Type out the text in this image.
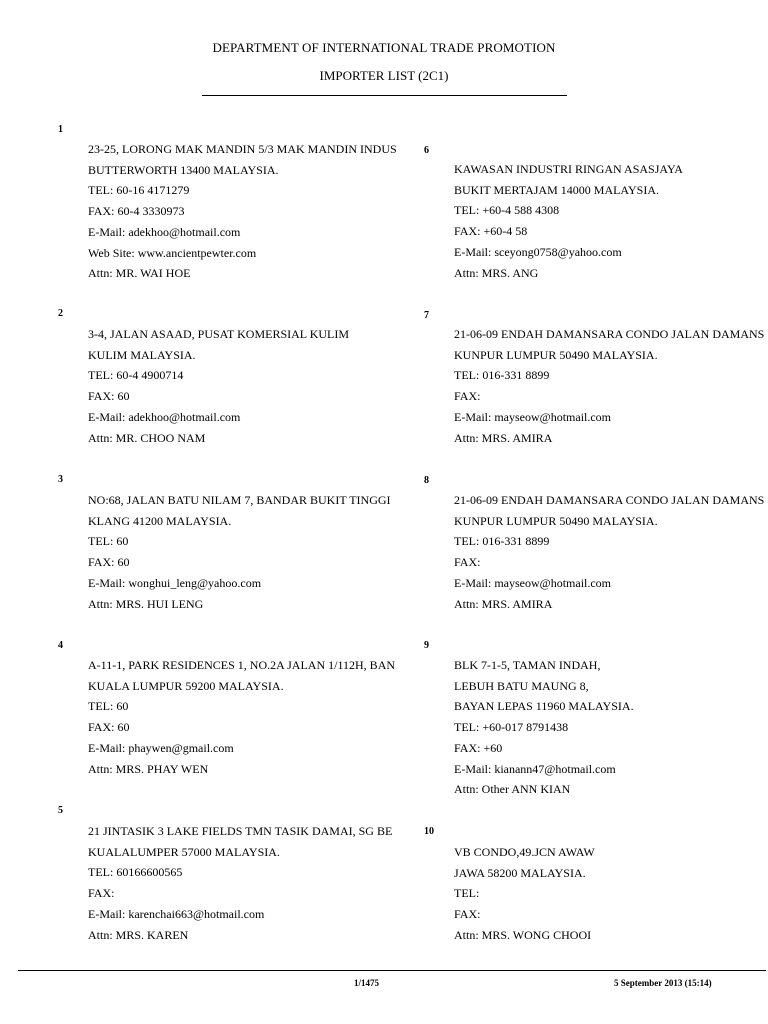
DEPARTMENT OF INTERNATIONAL TRADE PROMOTION
IMPORTER LIST (2C1)
1
23-25, LORONG MAK MANDIN 5/3 MAK MANDIN INDUS
BUTTERWORTH 13400 MALAYSIA.
TEL: 60-16 4171279
FAX: 60-4 3330973
E-Mail: adekhoo@hotmail.com
Web Site: www.ancientpewter.com
Attn: MR. WAI HOE
2
3-4, JALAN ASAAD, PUSAT KOMERSIAL KULIM
KULIM MALAYSIA.
TEL: 60-4 4900714
FAX: 60
E-Mail: adekhoo@hotmail.com
Attn: MR. CHOO NAM
3
NO:68, JALAN BATU NILAM 7, BANDAR BUKIT TINGGI
KLANG 41200 MALAYSIA.
TEL: 60
FAX: 60
E-Mail: wonghui_leng@yahoo.com
Attn: MRS. HUI LENG
4
A-11-1, PARK RESIDENCES 1, NO.2A JALAN 1/112H, BAN
KUALA LUMPUR 59200 MALAYSIA.
TEL: 60
FAX: 60
E-Mail: phaywen@gmail.com
Attn: MRS. PHAY WEN
5
21 JINTASIK 3 LAKE FIELDS TMN TASIK DAMAI, SG BE
KUALALUMPER 57000 MALAYSIA.
TEL: 60166600565
FAX:
E-Mail: karenchai663@hotmail.com
Attn: MRS. KAREN
6
KAWASAN INDUSTRI RINGAN ASASJAYA
BUKIT MERTAJAM 14000 MALAYSIA.
TEL: +60-4 588 4308
FAX: +60-4 58
E-Mail: sceyong0758@yahoo.com
Attn: MRS. ANG
7
21-06-09 ENDAH DAMANSARA CONDO JALAN DAMANS
KUNPUR LUMPUR 50490 MALAYSIA.
TEL: 016-331 8899
FAX:
E-Mail: mayseow@hotmail.com
Attn: MRS. AMIRA
8
21-06-09 ENDAH DAMANSARA CONDO JALAN DAMANS
KUNPUR LUMPUR 50490 MALAYSIA.
TEL: 016-331 8899
FAX:
E-Mail: mayseow@hotmail.com
Attn: MRS. AMIRA
9
BLK 7-1-5, TAMAN INDAH,
LEBUH BATU MAUNG 8,
BAYAN LEPAS 11960 MALAYSIA.
TEL: +60-017 8791438
FAX: +60
E-Mail: kianann47@hotmail.com
Attn: Other ANN KIAN
10
VB CONDO,49.JCN AWAW
JAWA 58200 MALAYSIA.
TEL:
FAX:
Attn: MRS. WONG CHOOI
1/1475	5 September 2013 (15:14)
